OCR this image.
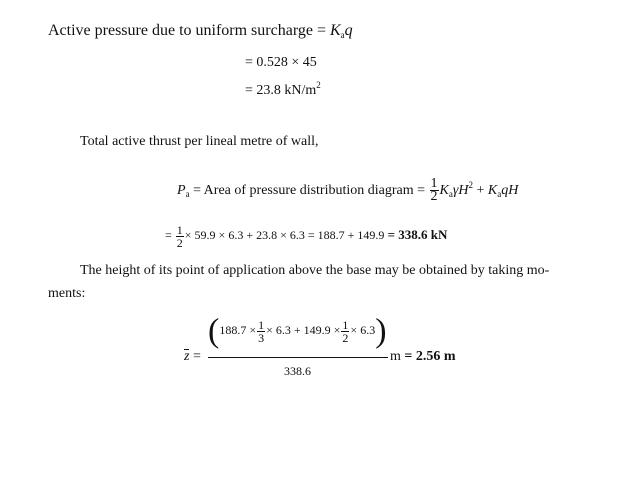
Active pressure due to uniform surcharge = $K_aq$
= 0.528 × 45
= 23.8 $kN/m^2$
Total active thrust per lineal metre of wall,
$P_a$ = Area of pressure distribution diagram = $\frac{1}{2} K_a\gamma H^2 + K_aqH$
= $\frac{1}{2} \times 59.9 \times 6.3 + 23.8 \times 6.3 = 188.7 + 149.9 = 338.6$ kN
The height of its point of application above the base may be obtained by taking mo-
ments:
z =
$(188.7 \times \frac{1}{3} \times 6.3 + 149.9 \times \frac{1}{2} \times 6.3)$
338.6
m = 2.56 m
